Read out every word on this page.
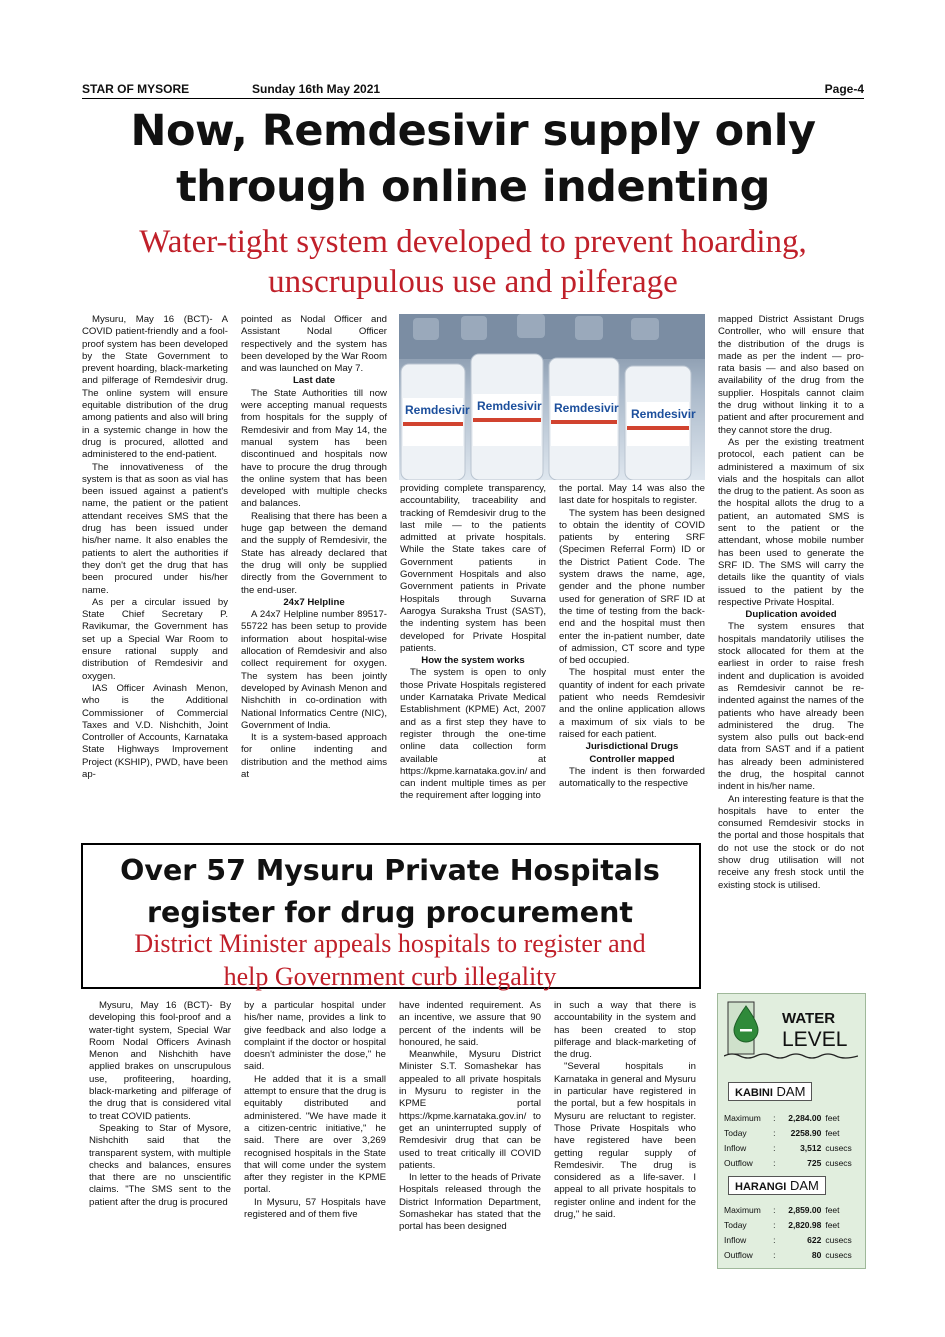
STAR OF MYSORE	Sunday 16th May 2021	Page-4
Now, Remdesivir supply only
through online indenting
Water-tight system developed to prevent hoarding,
unscrupulous use and pilferage

Mysuru, May 16 (BCT)- A COVID patient-friendly and a fool-proof system has been developed by the State Government to prevent hoarding, black-marketing and pilferage of Remdesivir drug. The online system will ensure equitable distribution of the drug among patients and also will bring in a systemic change in how the drug is procured, allotted and administered to the end-patient.

The innovativeness of the system is that as soon as vial has been issued against a patient's name, the patient or the patient attendant receives SMS that the drug has been issued under his/her name. It also enables the patients to alert the authorities if they don't get the drug that has been procured under his/her name.

As per a circular issued by State Chief Secretary P. Ravikumar, the Government has set up a Special War Room to ensure rational supply and distribution of Remdesivir and oxygen.

IAS Officer Avinash Menon, who is the Additional Commissioner of Commercial Taxes and V.D. Nishchith, Joint Controller of Accounts, Karnataka State Highways Improvement Project (KSHIP), PWD, have been ap-

pointed as Nodal Officer and Assistant Nodal Officer respectively and the system has been developed by the War Room and was launched on May 7.

Last date

The State Authorities till now were accepting manual requests from hospitals for the supply of Remdesivir and from May 14, the manual system has been discontinued and hospitals now have to procure the drug through the online system that has been developed with multiple checks and balances.

Realising that there has been a huge gap between the demand and the supply of Remdesivir, the State has already declared that the drug will only be supplied directly from the Government to the end-user.

24x7 Helpline

A 24x7 Helpline number 89517-55722 has been setup to provide information about hospital-wise allocation of Remdesivir and also collect requirement for oxygen. The system has been jointly developed by Avinash Menon and Nishchith in co-ordination with National Informatics Centre (NIC), Government of India.

It is a system-based approach for online indenting and distribution and the method aims at

Remdesivir Remdesivir Remdesivir Remdesivir

providing complete transparency, accountability, traceability and tracking of Remdesivir drug to the last mile — to the patients admitted at private hospitals. While the State takes care of Government patients in Government Hospitals and also Government patients in Private Hospitals through Suvarna Aarogya Suraksha Trust (SAST), the indenting system has been developed for Private Hospital patients.

How the system works

The system is open to only those Private Hospitals registered under Karnataka Private Medical Establishment (KPME) Act, 2007 and as a first step they have to register through the one-time online data collection form available at https://kpme.karnataka.gov.in/ and can indent multiple times as per the requirement after logging into

the portal. May 14 was also the last date for hospitals to register.

The system has been designed to obtain the identity of COVID patients by entering SRF (Specimen Referral Form) ID or the District Patient Code. The system draws the name, age, gender and the phone number used for generation of SRF ID at the time of testing from the back-end and the hospital must then enter the in-patient number, date of admission, CT score and type of bed occupied.

The hospital must enter the quantity of indent for each private patient who needs Remdesivir and the online application allows a maximum of six vials to be raised for each patient.

Jurisdictional Drugs

Controller mapped

The indent is then forwarded automatically to the respective

mapped District Assistant Drugs Controller, who will ensure that the distribution of the drugs is made as per the indent — pro-rata basis — and also based on availability of the drug from the supplier. Hospitals cannot claim the drug without linking it to a patient and after procurement and they cannot store the drug.

As per the existing treatment protocol, each patient can be administered a maximum of six vials and the hospitals can allot the drug to the patient. As soon as the hospital allots the drug to a patient, an automated SMS is sent to the patient or the attendant, whose mobile number has been used to generate the SRF ID. The SMS will carry the details like the quantity of vials issued to the patient by the respective Private Hospital.

Duplication avoided

The system ensures that hospitals mandatorily utilises the stock allocated for them at the earliest in order to raise fresh indent and duplication is avoided as Remdesivir cannot be re-indented against the names of the patients who have already been administered the drug. The system also pulls out back-end data from SAST and if a patient has already been administered the drug, the hospital cannot indent in his/her name.

An interesting feature is that the hospitals have to enter the consumed Remdesivir stocks in the portal and those hospitals that do not use the stock or do not show drug utilisation will not receive any fresh stock until the existing stock is utilised.

Over 57 Mysuru Private Hospitals
register for drug procurement
District Minister appeals hospitals to register and
help Government curb illegality

Mysuru, May 16 (BCT)- By developing this fool-proof and a water-tight system, Special War Room Nodal Officers Avinash Menon and Nishchith have applied brakes on unscrupulous use, profiteering, hoarding, black-marketing and pilferage of the drug that is considered vital to treat COVID patients.

Speaking to Star of Mysore, Nishchith said that the transparent system, with multiple checks and balances, ensures that there are no unscientific claims. "The SMS sent to the patient after the drug is procured

by a particular hospital under his/her name, provides a link to give feedback and also lodge a complaint if the doctor or hospital doesn't administer the dose," he said.

He added that it is a small attempt to ensure that the drug is equitably distributed and administered. "We have made it a citizen-centric initiative," he said. There are over 3,269 recognised hospitals in the State that will come under the system after they register in the KPME portal.

In Mysuru, 57 Hospitals have registered and of them five

have indented requirement. As an incentive, we assure that 90 percent of the indents will be honoured, he said.

Meanwhile, Mysuru District Minister S.T. Somashekar has appealed to all private hospitals in Mysuru to register in the KPME portal https://kpme.karnataka.gov.in/ to get an uninterrupted supply of Remdesivir drug that can be used to treat critically ill COVID patients.

In letter to the heads of Private Hospitals released through the District Information Department, Somashekar has stated that the portal has been designed

in such a way that there is accountability in the system and has been created to stop pilferage and black-marketing of the drug.

"Several hospitals in Karnataka in general and Mysuru in particular have registered in the portal, but a few hospitals in Mysuru are reluctant to register. Those Private Hospitals who have registered have been getting regular supply of Remdesivir. The drug is considered as a life-saver. I appeal to all private hospitals to register online and indent for the drug," he said.

WATER
LEVEL
KABINI DAM
Maximum	:	2,284.00	feet
Today	:	2258.90	feet
Inflow	:	3,512	cusecs
Outflow	:	725	cusecs
HARANGI DAM
Maximum	:	2,859.00	feet
Today	:	2,820.98	feet
Inflow	:	622	cusecs
Outflow	:	80	cusecs
